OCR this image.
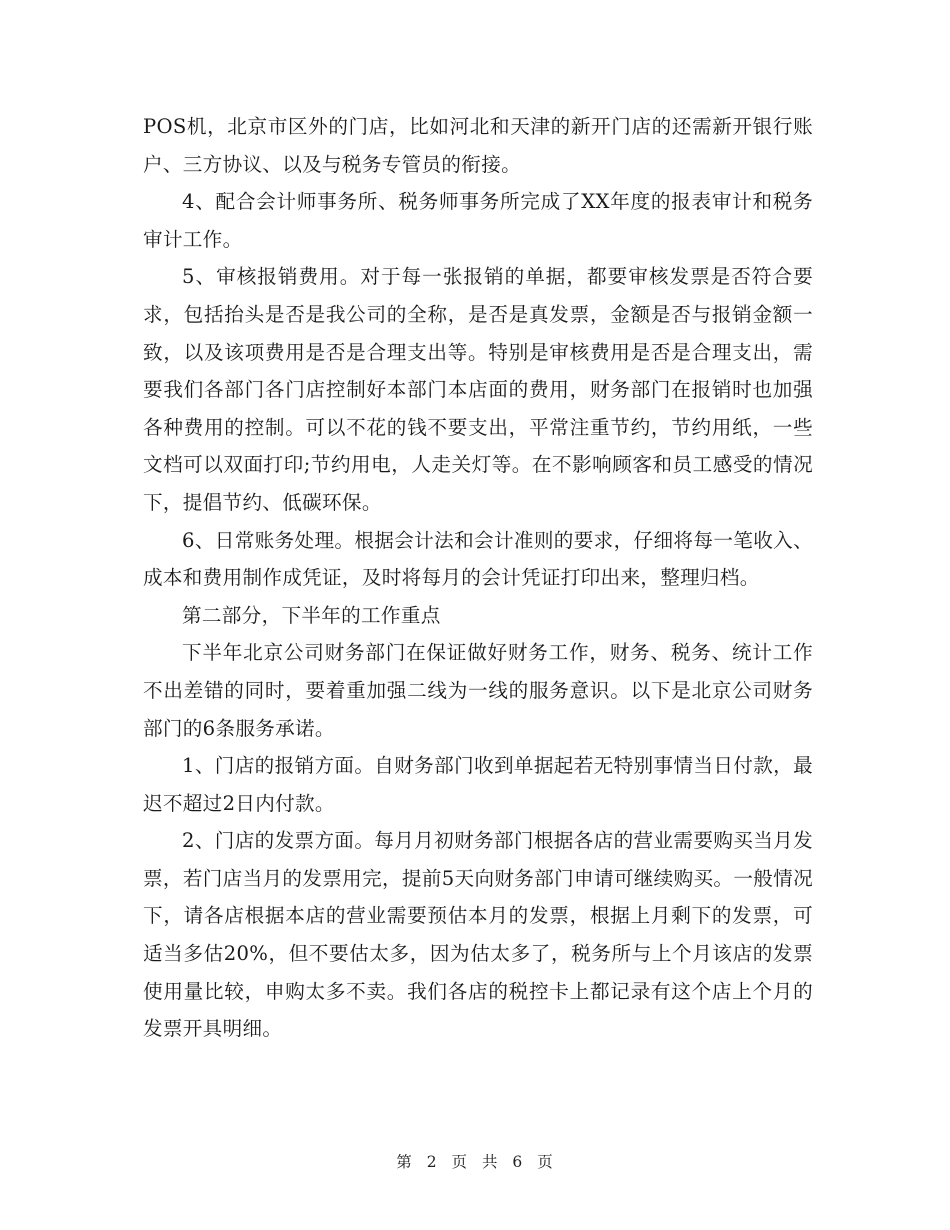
POS机，北京市区外的门店，比如河北和天津的新开门店的还需新开银行账户、三方协议、以及与税务专管员的衔接。

4、配合会计师事务所、税务师事务所完成了XX年度的报表审计和税务审计工作。

5、审核报销费用。对于每一张报销的单据，都要审核发票是否符合要求，包括抬头是否是我公司的全称，是否是真发票，金额是否与报销金额一致，以及该项费用是否是合理支出等。特别是审核费用是否是合理支出，需要我们各部门各门店控制好本部门本店面的费用，财务部门在报销时也加强各种费用的控制。可以不花的钱不要支出，平常注重节约，节约用纸，一些文档可以双面打印;节约用电，人走关灯等。在不影响顾客和员工感受的情况下，提倡节约、低碳环保。

6、日常账务处理。根据会计法和会计准则的要求，仔细将每一笔收入、成本和费用制作成凭证，及时将每月的会计凭证打印出来，整理归档。

第二部分，下半年的工作重点

下半年北京公司财务部门在保证做好财务工作，财务、税务、统计工作不出差错的同时，要着重加强二线为一线的服务意识。以下是北京公司财务部门的6条服务承诺。

1、门店的报销方面。自财务部门收到单据起若无特别事情当日付款，最迟不超过2日内付款。

2、门店的发票方面。每月月初财务部门根据各店的营业需要购买当月发票，若门店当月的发票用完，提前5天向财务部门申请可继续购买。一般情况下，请各店根据本店的营业需要预估本月的发票，根据上月剩下的发票，可适当多估20%，但不要估太多，因为估太多了，税务所与上个月该店的发票使用量比较，申购太多不卖。我们各店的税控卡上都记录有这个店上个月的发票开具明细。

第 2 页 共 6 页
